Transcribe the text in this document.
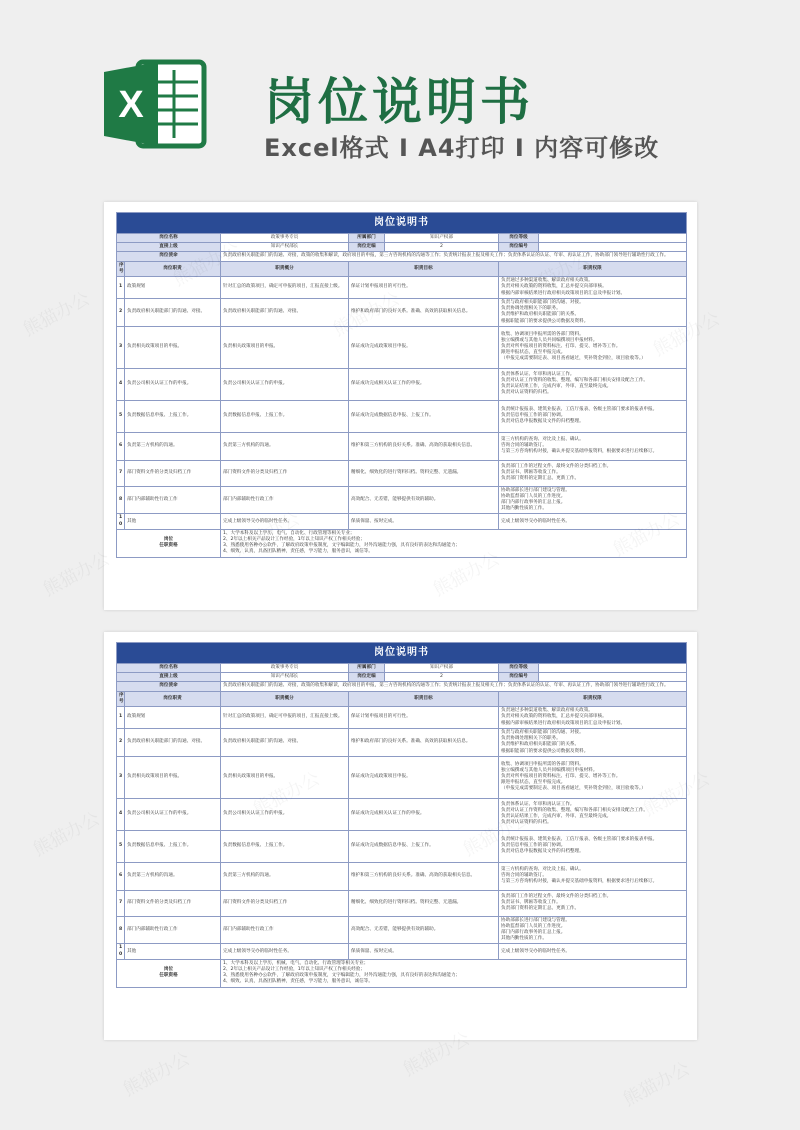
X 岗位说明书
Excel格式 I A4打印 I 内容可修改
岗位说明书						
岗位名称		政策事务专员	所属部门	知识产权部	岗位等级	
直接上级		知识产权部长	岗位定编	2	岗位编号	
岗位使命		负责政府相关职能部门的沟通、对接，政策的收集和解读，政府项目的申报，第三方咨询机构的沟通等工作；负责统计报表上报及相关工作；负责体系认证的认证、年审、再认证工作，协助部门领导进行辅助性行政工作。				
序号	岗位职责	职责概分	职责目标		职责权限	
1	政策规划	针对汇总的政策项目，确定可申报的项目，汇报直接上级。	保证计划申报项目的可行性。		负责通过多种渠道收集、解读政府相关政策。
负责对相关政策的资料收集，汇总并提交向部审核。
根据内部审核结果进行政府相关政策项目的汇总及申报计划。	

2	负责政府相关职能部门的沟通、对接。	负责政府相关职能部门的沟通、对接。	维护和政府部门的良好关系。准确、高效的获取相关信息。		负责与政府相关职能部门的沟通、对接。
负责协调处理相关下的职务。
负责维护和政府相关职能部门的关系。
根据职能部门的要求提供公司数据及资料。	

3	负责相关政策项目的申报。	负责相关政策项目的申报。	保证成功完成政策项目申报。		收集、协调项目申报所需的各部门资料。
独立编撰或与其他人员共同编撰项目申报材料。
负责对所申报项目的资料标注、打印、提交、增补等工作。
跟进申报状态，直至申报完成。
（申报完成需要制定表、项目查看通过，奖补资金到位，项目验收等。）	

4	负责公司相关认证工作的申报。	负责公司相关认证工作的申报。	保证成功完成相关认证工作的申报。		负责体系认证、年审和再认证工作。
负责对认证工作资料的收集、整理、编写和各部门相关安排及配合工作。
负责认证结果工作，完成内审、外审、直至最终完成。
负责对认证资料的归档。	

5	负责数据信息申报、上报工作。	负责数据信息申报、上报工作。	保证成功完成数据信息申报、上报工作。		负责统计报报表、建筑业报表、工信厅报表、各级主管部门要求的报表申报。
负责信息申报工作的部门协调。
负责对信息申报数据及文件的归档整理。	

6	负责第三方机构的沟通。	负责第三方机构的沟通。	维护和第三方机构的良好关系。准确、高效的获取相关信息。		第三方机构的查询、对比及上报、确认。
咨询合同的辅助签订。
与第三方咨询机构对接，确认并提交基础申报资料，根据要求进行后续修订。	

7	部门资料文件的分类及归档工作	部门资料文件的分类及归档工作	精细化、细致化的进行资料归档。资料完整、无遗漏。		负责部门工作的过程文件、最终文件的分类归档工作。
负责证书、牌匾等收发工作。
负责部门资料的定期汇总、更新工作。	

8	部门内部辅助性行政工作	部门内部辅助性行政工作	高效配合、无差错，能够提供有效的辅助。		协助部部长进行部门建设与管理。
协助监督部门人员的工作进度。
部门内部行政事务的汇总上报。
其他内勤性质的工作。	

10	其他	完成上级领导交办的临时性任务。	保质保量、按时完成。		完成上级领导交办的临时性任务。	

岗位
任职资格		1、大学本科及以上学历，电气、自动化、行政管理等相关专业；
2、2年以上相关产品设计工作经验，1年以上知识产权工作相关经验；
3、熟悉使用各种办公软件，了解政府政策申报制度，文字编辑能力，对外沟通能力强，具有良好的表达和沟通能力；
4、细致、认真，具备团队精神，责任感，学习能力，服务意识，诚信等。				
岗位说明书						
岗位名称		政策事务专员	所属部门	知识产权部	岗位等级	
直接上级		知识产权部长	岗位定编	2	岗位编号	
岗位使命		负责政府相关职能部门的沟通、对接，政策的收集和解读，政府项目的申报，第三方咨询机构的沟通等工作；负责统计报表上报及相关工作；负责体系认证的认证、年审、再认证工作，协助部门领导进行辅助性行政工作。				
序号	岗位职责	职责概分	职责目标		职责权限	
1	政策规划	针对汇总的政策项目，确定可申报的项目，汇报直接上级。	保证计划申报项目的可行性。		负责通过多种渠道收集、解读政府相关政策。
负责对相关政策的资料收集，汇总并提交向部审核。
根据内部审核结果进行政府相关政策项目的汇总及申报计划。	

2	负责政府相关职能部门的沟通、对接。	负责政府相关职能部门的沟通、对接。	维护和政府部门的良好关系。准确、高效的获取相关信息。		负责与政府相关职能部门的沟通、对接。
负责协调处理相关下的职务。
负责维护和政府相关职能部门的关系。
根据职能部门的要求提供公司数据及资料。	

3	负责相关政策项目的申报。	负责相关政策项目的申报。	保证成功完成政策项目申报。		收集、协调项目申报所需的各部门资料。
独立编撰或与其他人员共同编撰项目申报材料。
负责对所申报项目的资料标注、打印、提交、增补等工作。
跟进申报状态，直至申报完成。
（申报完成需要制定表、项目查看通过，奖补资金到位，项目验收等。）	

4	负责公司相关认证工作的申报。	负责公司相关认证工作的申报。	保证成功完成相关认证工作的申报。		负责体系认证、年审和再认证工作。
负责对认证工作资料的收集、整理、编写和各部门相关安排及配合工作。
负责认证结果工作，完成内审、外审、直至最终完成。
负责对认证资料的归档。	

5	负责数据信息申报、上报工作。	负责数据信息申报、上报工作。	保证成功完成数据信息申报、上报工作。		负责统计报报表、建筑业报表、工信厅报表、各级主管部门要求的报表申报。
负责信息申报工作的部门协调。
负责对信息申报数据及文件的归档整理。	

6	负责第三方机构的沟通。	负责第三方机构的沟通。	维护和第三方机构的良好关系。准确、高效的获取相关信息。		第三方机构的查询、对比及上报、确认。
咨询合同的辅助签订。
与第三方咨询机构对接，确认并提交基础申报资料，根据要求进行后续修订。	

7	部门资料文件的分类及归档工作	部门资料文件的分类及归档工作	精细化、细致化的进行资料归档。资料完整、无遗漏。		负责部门工作的过程文件、最终文件的分类归档工作。
负责证书、牌匾等收发工作。
负责部门资料的定期汇总、更新工作。	

8	部门内部辅助性行政工作	部门内部辅助性行政工作	高效配合、无差错，能够提供有效的辅助。		协助部部长进行部门建设与管理。
协助监督部门人员的工作进度。
部门内部行政事务的汇总上报。
其他内勤性质的工作。	

10	其他	完成上级领导交办的临时性任务。	保质保量、按时完成。		完成上级领导交办的临时性任务。	

岗位
任职资格		1、大学本科及以上学历，机械、电气、自动化、行政管理等相关专业；
2、2年以上相关产品设计工作经验，1年以上知识产权工作相关经验；
3、熟悉使用各种办公软件，了解政府政策申报制度，文字编辑能力，对外沟通能力强，具有良好的表达和沟通能力；
4、细致、认真，具备团队精神，责任感，学习能力，服务意识，诚信等。				
